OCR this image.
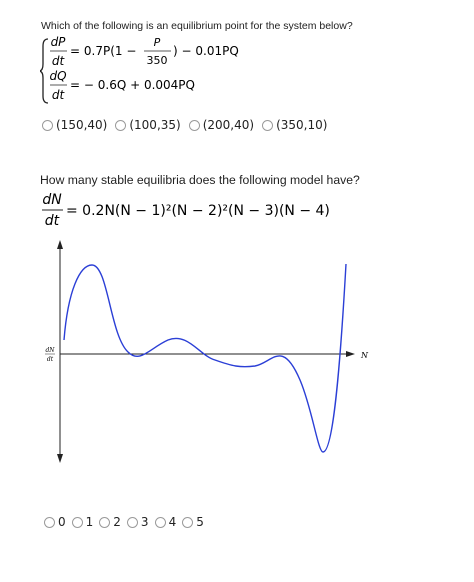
Which of the following is an equilibrium point for the system below?
dP
dt
= 0.7P(1 −
P
350
) − 0.01PQ
dQ
dt
= − 0.6Q + 0.004PQ
(150,40) (100,35) (200,40) (350,10)
How many stable equilibria does the following model have?
dN
dt
= 0.2N(N − 1)²(N − 2)²(N − 3)(N − 4)
N
dN
dt
0 1 2 3 4 5
